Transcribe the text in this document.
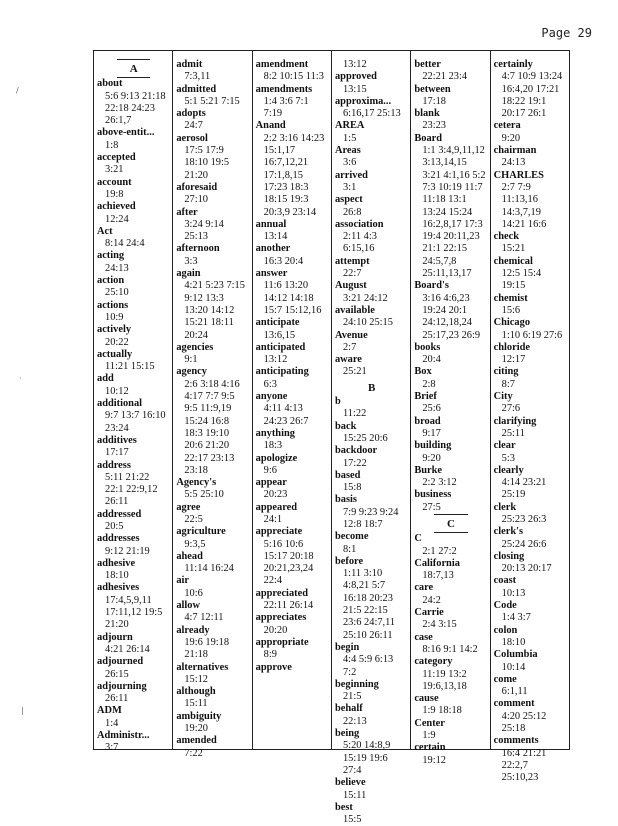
Page 29
/
·
|
A
about
5:6 9:13 21:18 22:18 24:23 26:1,7
above-entit...
1:8
accepted
3:21
account
19:8
achieved
12:24
Act
8:14 24:4
acting
24:13
action
25:10
actions
10:9
actively
20:22
actually
11:21 15:15
add
10:12
additional
9:7 13:7 16:10 23:24
additives
17:17
address
5:11 21:22 22:1 22:9,12 26:11
addressed
20:5
addresses
9:12 21:19
adhesive
18:10
adhesives
17:4,5,9,11 17:11,12 19:5 21:20
adjourn
4:21 26:14
adjourned
26:15
adjourning
26:11
ADM
1:4
Administr...
3:7
admit
7:3,11
admitted
5:1 5:21 7:15
adopts
24:7
aerosol
17:5 17:9 18:10 19:5 21:20
aforesaid
27:10
after
3:24 9:14 25:13
afternoon
3:3
again
4:21 5:23 7:15 9:12 13:3 13:20 14:12 15:21 18:11 20:24
agencies
9:1
agency
2:6 3:18 4:16 4:17 7:7 9:5 9:5 11:9,19 15:24 16:8 18:3 19:10 20:6 21:20 22:17 23:13 23:18
Agency's
5:5 25:10
agree
22:5
agriculture
9:3,5
ahead
11:14 16:24
air
10:6
allow
4:7 12:11
already
19:6 19:18 21:18
alternatives
15:12
although
15:11
ambiguity
19:20
amended
7:22
amendment
8:2 10:15 11:3
amendments
1:4 3:6 7:1 7:19
Anand
2:2 3:16 14:23 15:1,17 16:7,12,21 17:1,8,15 17:23 18:3 18:15 19:3 20:3,9 23:14
annual
13:14
another
16:3 20:4
answer
11:6 13:20 14:12 14:18 15:7 15:12,16
anticipate
13:6,15
anticipated
13:12
anticipating
6:3
anyone
4:11 4:13 24:23 26:7
anything
18:3
apologize
9:6
appear
20:23
appeared
24:1
appreciate
5:16 10:6 15:17 20:18 20:21,23,24 22:4
appreciated
22:11 26:14
appreciates
20:20
appropriate
8:9
approve
13:12
approved
13:15
approxima...
6:16,17 25:13
AREA
1:5
Areas
3:6
arrived
3:1
aspect
26:8
association
2:11 4:3 6:15,16
attempt
22:7
August
3:21 24:12
available
24:10 25:15
Avenue
2:7
aware
25:21
B
b
11:22
back
15:25 20:6
backdoor
17:22
based
15:8
basis
7:9 9:23 9:24 12:8 18:7
become
8:1
before
1:11 3:10 4:8,21 5:7 16:18 20:23 21:5 22:15 23:6 24:7,11 25:10 26:11
begin
4:4 5:9 6:13 7:2
beginning
21:5
behalf
22:13
being
5:20 14:8,9 15:19 19:6 27:4
believe
15:11
best
15:5
better
22:21 23:4
between
17:18
blank
23:23
Board
1:1 3:4,9,11,12 3:13,14,15 3:21 4:1,16 5:2 7:3 10:19 11:7 11:18 13:1 13:24 15:24 16:2,8,17 17:3 19:4 20:11,23 21:1 22:15 24:5,7,8 25:11,13,17
Board's
3:16 4:6,23 19:24 20:1 24:12,18,24 25:17,23 26:9
books
20:4
Box
2:8
Brief
25:6
broad
9:17
building
9:20
Burke
2:2 3:12
business
27:5
C
C
2:1 27:2
California
18:7,13
care
24:2
Carrie
2:4 3:15
case
8:16 9:1 14:2
category
11:19 13:2 19:6,13,18
cause
1:9 18:18
Center
1:9
certain
19:12
certainly
4:7 10:9 13:24 16:4,20 17:21 18:22 19:1 20:17 26:1
cetera
9:20
chairman
24:13
CHARLES
2:7 7:9 11:13,16 14:3,7,19 14:21 16:6
check
15:21
chemical
12:5 15:4 19:15
chemist
15:6
Chicago
1:10 6:19 27:6
chloride
12:17
citing
8:7
City
27:6
clarifying
25:11
clear
5:3
clearly
4:14 23:21 25:19
clerk
25:23 26:3
clerk's
25:24 26:6
closing
20:13 20:17
coast
10:13
Code
1:4 3:7
colon
18:10
Columbia
10:14
come
6:1,11
comment
4:20 25:12 25:18
comments
16:4 21:21 22:2,7 25:10,23
